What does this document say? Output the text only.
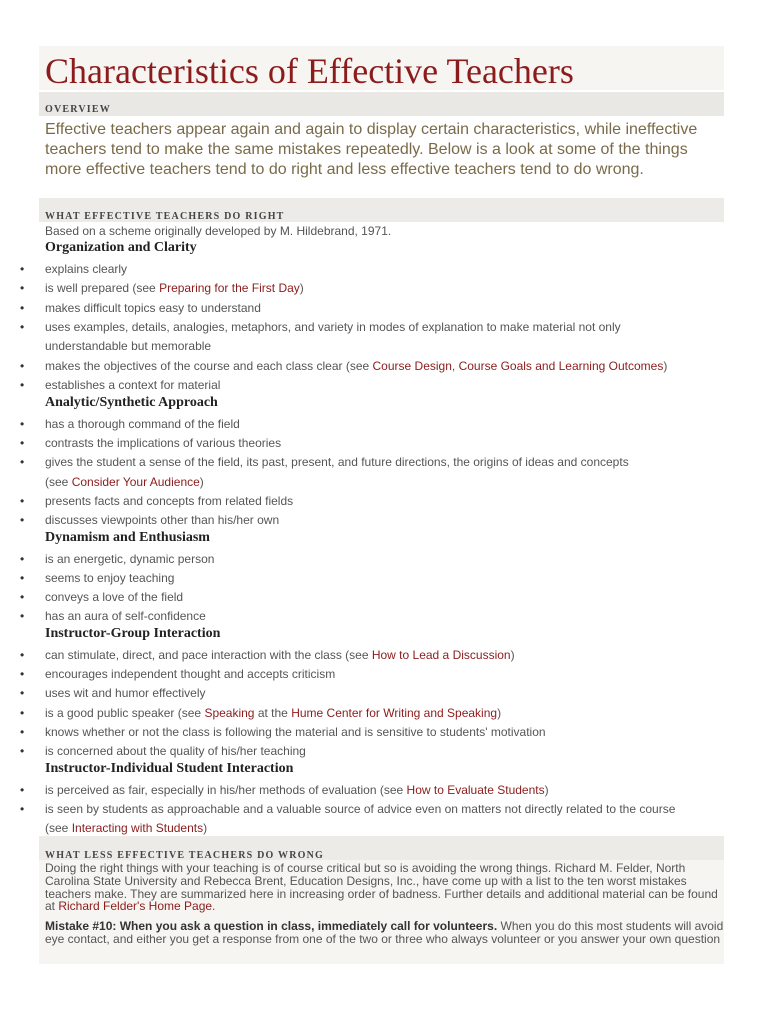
Characteristics of Effective Teachers
OVERVIEW
Effective teachers appear again and again to display certain characteristics, while ineffective teachers tend to make the same mistakes repeatedly. Below is a look at some of the things more effective teachers tend to do right and less effective teachers tend to do wrong.
WHAT EFFECTIVE TEACHERS DO RIGHT
Based on a scheme originally developed by M. Hildebrand, 1971.
Organization and Clarity
• explains clearly
• is well prepared (see Preparing for the First Day)
• makes difficult topics easy to understand
• uses examples, details, analogies, metaphors, and variety in modes of explanation to make material not only
understandable but memorable
• makes the objectives of the course and each class clear (see Course Design, Course Goals and Learning Outcomes)
• establishes a context for material
Analytic/Synthetic Approach
• has a thorough command of the field
• contrasts the implications of various theories
• gives the student a sense of the field, its past, present, and future directions, the origins of ideas and concepts
(see Consider Your Audience)
• presents facts and concepts from related fields
• discusses viewpoints other than his/her own
Dynamism and Enthusiasm
• is an energetic, dynamic person
• seems to enjoy teaching
• conveys a love of the field
• has an aura of self-confidence
Instructor-Group Interaction
• can stimulate, direct, and pace interaction with the class (see How to Lead a Discussion)
• encourages independent thought and accepts criticism
• uses wit and humor effectively
• is a good public speaker (see Speaking at the Hume Center for Writing and Speaking)
• knows whether or not the class is following the material and is sensitive to students' motivation
• is concerned about the quality of his/her teaching
Instructor-Individual Student Interaction
• is perceived as fair, especially in his/her methods of evaluation (see How to Evaluate Students)
• is seen by students as approachable and a valuable source of advice even on matters not directly related to the course
(see Interacting with Students)
WHAT LESS EFFECTIVE TEACHERS DO WRONG
Doing the right things with your teaching is of course critical but so is avoiding the wrong things. Richard M. Felder, North Carolina State University and Rebecca Brent, Education Designs, Inc., have come up with a list to the ten worst mistakes teachers make. They are summarized here in increasing order of badness. Further details and additional material can be found at Richard Felder's Home Page.
Mistake #10: When you ask a question in class, immediately call for volunteers. When you do this most students will avoid eye contact, and either you get a response from one of the two or three who always volunteer or you answer your own question
